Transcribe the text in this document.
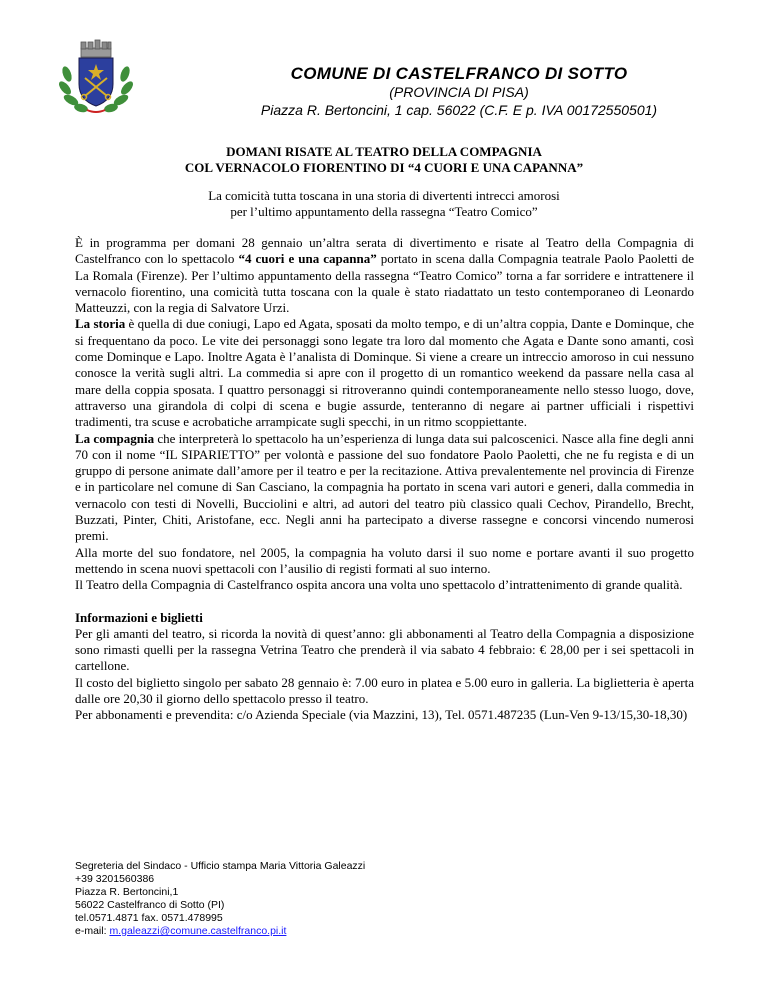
COMUNE DI CASTELFRANCO DI SOTTO
(PROVINCIA DI PISA)
Piazza R. Bertoncini, 1 cap. 56022 (C.F. E p. IVA 00172550501)
DOMANI RISATE AL TEATRO DELLA COMPAGNIA
COL VERNACOLO FIORENTINO DI “4 CUORI E UNA CAPANNA”
La comicità tutta toscana in una storia di divertenti intrecci amorosi
per l’ultimo appuntamento della rassegna “Teatro Comico”

È in programma per domani 28 gennaio un’altra serata di divertimento e risate al Teatro della Compagnia di Castelfranco con lo spettacolo “4 cuori e una capanna” portato in scena dalla Compagnia teatrale Paolo Paoletti de La Romala (Firenze). Per l’ultimo appuntamento della rassegna “Teatro Comico” torna a far sorridere e intrattenere il vernacolo fiorentino, una comicità tutta toscana con la quale è stato riadattato un testo contemporaneo di Leonardo Matteuzzi, con la regia di Salvatore Urzi.

La storia è quella di due coniugi, Lapo ed Agata, sposati da molto tempo, e di un’altra coppia, Dante e Dominque, che si frequentano da poco. Le vite dei personaggi sono legate tra loro dal momento che Agata e Dante sono amanti, così come Dominque e Lapo. Inoltre Agata è l’analista di Dominque. Si viene a creare un intreccio amoroso in cui nessuno conosce la verità sugli altri. La commedia si apre con il progetto di un romantico weekend da passare nella casa al mare della coppia sposata. I quattro personaggi si ritroveranno quindi contemporaneamente nello stesso luogo, dove, attraverso una girandola di colpi di scena e bugie assurde, tenteranno di negare ai partner ufficiali i rispettivi tradimenti, tra scuse e acrobatiche arrampicate sugli specchi, in un ritmo scoppiettante.

La compagnia che interpreterà lo spettacolo ha un’esperienza di lunga data sui palcoscenici. Nasce alla fine degli anni 70 con il nome “IL SIPARIETTO” per volontà e passione del suo fondatore Paolo Paoletti, che ne fu regista e di un gruppo di persone animate dall’amore per il teatro e per la recitazione. Attiva prevalentemente nel provincia di Firenze e in particolare nel comune di San Casciano, la compagnia ha portato in scena vari autori e generi, dalla commedia in vernacolo con testi di Novelli, Bucciolini e altri, ad autori del teatro più classico quali Cechov, Pirandello, Brecht, Buzzati, Pinter, Chiti, Aristofane, ecc. Negli anni ha partecipato a diverse rassegne e concorsi vincendo numerosi premi.

Alla morte del suo fondatore, nel 2005, la compagnia ha voluto darsi il suo nome e portare avanti il suo progetto mettendo in scena nuovi spettacoli con l’ausilio di registi formati al suo interno.

Il Teatro della Compagnia di Castelfranco ospita ancora una volta uno spettacolo d’intrattenimento di grande qualità.

Informazioni e biglietti

Per gli amanti del teatro, si ricorda la novità di quest’anno: gli abbonamenti al Teatro della Compagnia a disposizione sono rimasti quelli per la rassegna Vetrina Teatro che prenderà il via sabato 4 febbraio: € 28,00 per i sei spettacoli in cartellone.

Il costo del biglietto singolo per sabato 28 gennaio è: 7.00 euro in platea e 5.00 euro in galleria. La biglietteria è aperta dalle ore 20,30 il giorno dello spettacolo presso il teatro.

Per abbonamenti e prevendita: c/o Azienda Speciale (via Mazzini, 13), Tel. 0571.487235 (Lun-Ven 9-13/15,30-18,30)

Segreteria del Sindaco - Ufficio stampa Maria Vittoria Galeazzi
+39 3201560386
Piazza R. Bertoncini,1
56022 Castelfranco di Sotto (PI)
tel.0571.4871 fax. 0571.478995
e-mail: m.galeazzi@comune.castelfranco.pi.it
